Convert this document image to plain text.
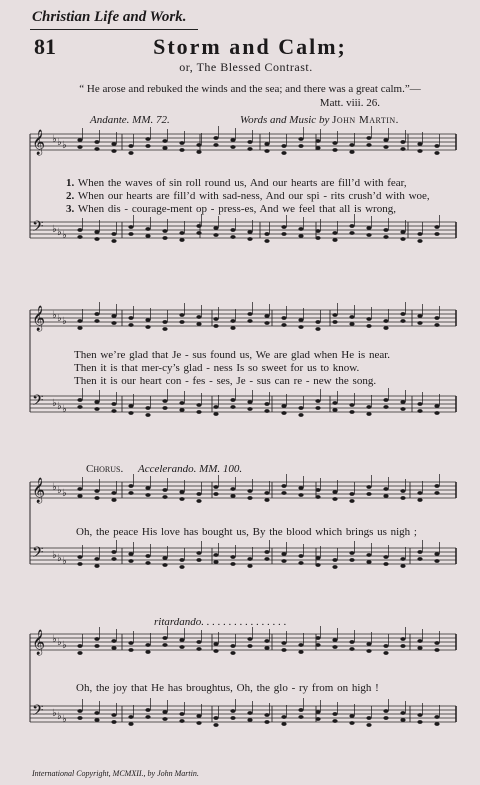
Christian Life and Work.
81	Storm and Calm;
or, The Blessed Contrast.
“ He arose and rebuked the winds and the sea; and there was a great calm.”—
Matt. viii. 26.
Andante. MM. 72.	Words and Music by John Martin.
1. When the waves of sin roll round us, And our hearts are fill’d with fear,
2. When our hearts are fill’d with sad-ness, And our spi - rits crush’d with woe,
3. When dis - courage-ment op - press-es, And we feel that all is wrong,
Then we’re glad that Je - sus found us, We are glad when He is near.
Then it is that mer-cy’s glad - ness Is so sweet for us to know.
Then it is our heart con - fes - ses, Je - sus can re - new the song.
Chorus. Accelerando. MM. 100.
Oh, the peace His love has bought us, By the blood which brings us nigh ;
ritardando. . . . . . . . . . . . . . . .
Oh, the joy that He has broughtus, Oh, the glo - ry from on high !
International Copyright, MCMXII., by John Martin.
𝄞 ♭ ♭ ♭
𝄢 ♭ ♭ ♭
𝄞 ♭ ♭ ♭
𝄢 ♭ ♭ ♭
𝄞 ♭ ♭ ♭
𝄢 ♭ ♭ ♭
𝄞 ♭ ♭ ♭
𝄢 ♭ ♭ ♭
